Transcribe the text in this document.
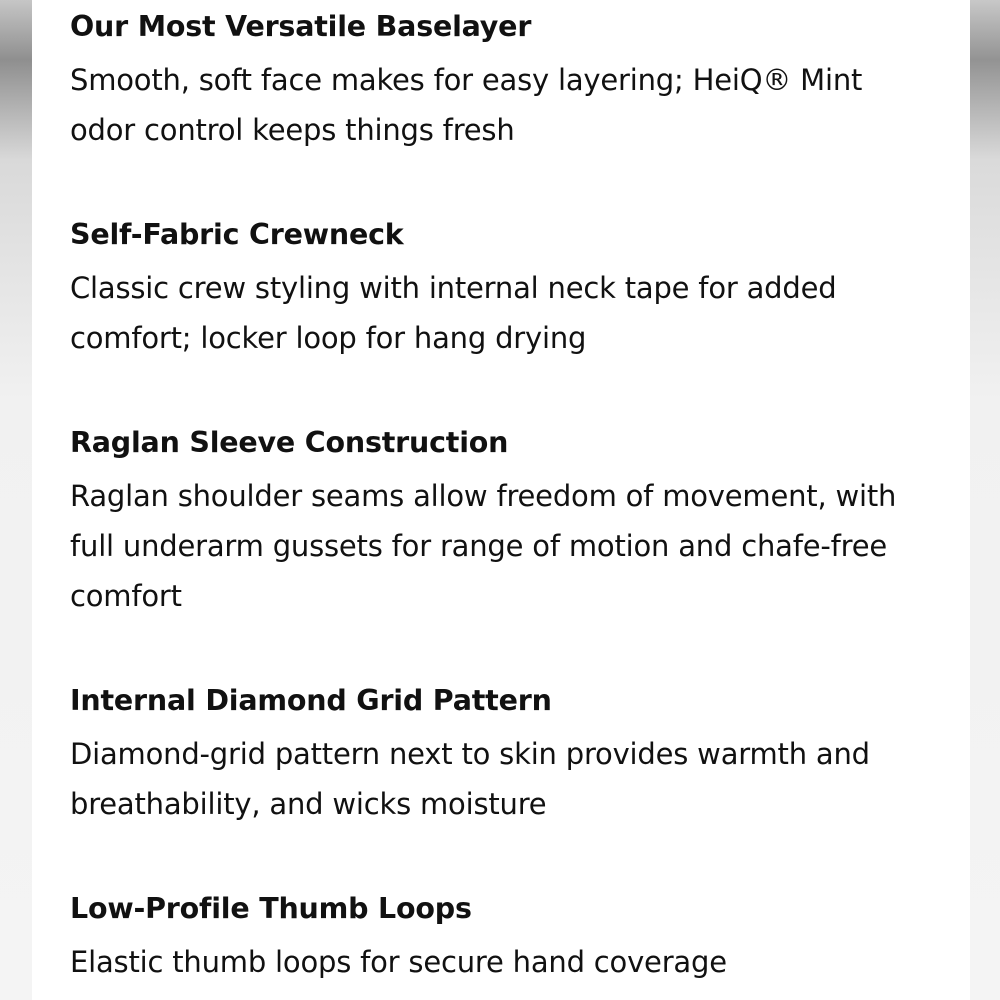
Our Most Versatile Baselayer

Smooth, soft face makes for easy layering; HeiQ® Mint odor control keeps things fresh

Self-Fabric Crewneck

Classic crew styling with internal neck tape for added comfort; locker loop for hang drying

Raglan Sleeve Construction

Raglan shoulder seams allow freedom of movement, with full underarm gussets for range of motion and chafe-free comfort

Internal Diamond Grid Pattern

Diamond-grid pattern next to skin provides warmth and breathability, and wicks moisture

Low-Profile Thumb Loops

Elastic thumb loops for secure hand coverage
